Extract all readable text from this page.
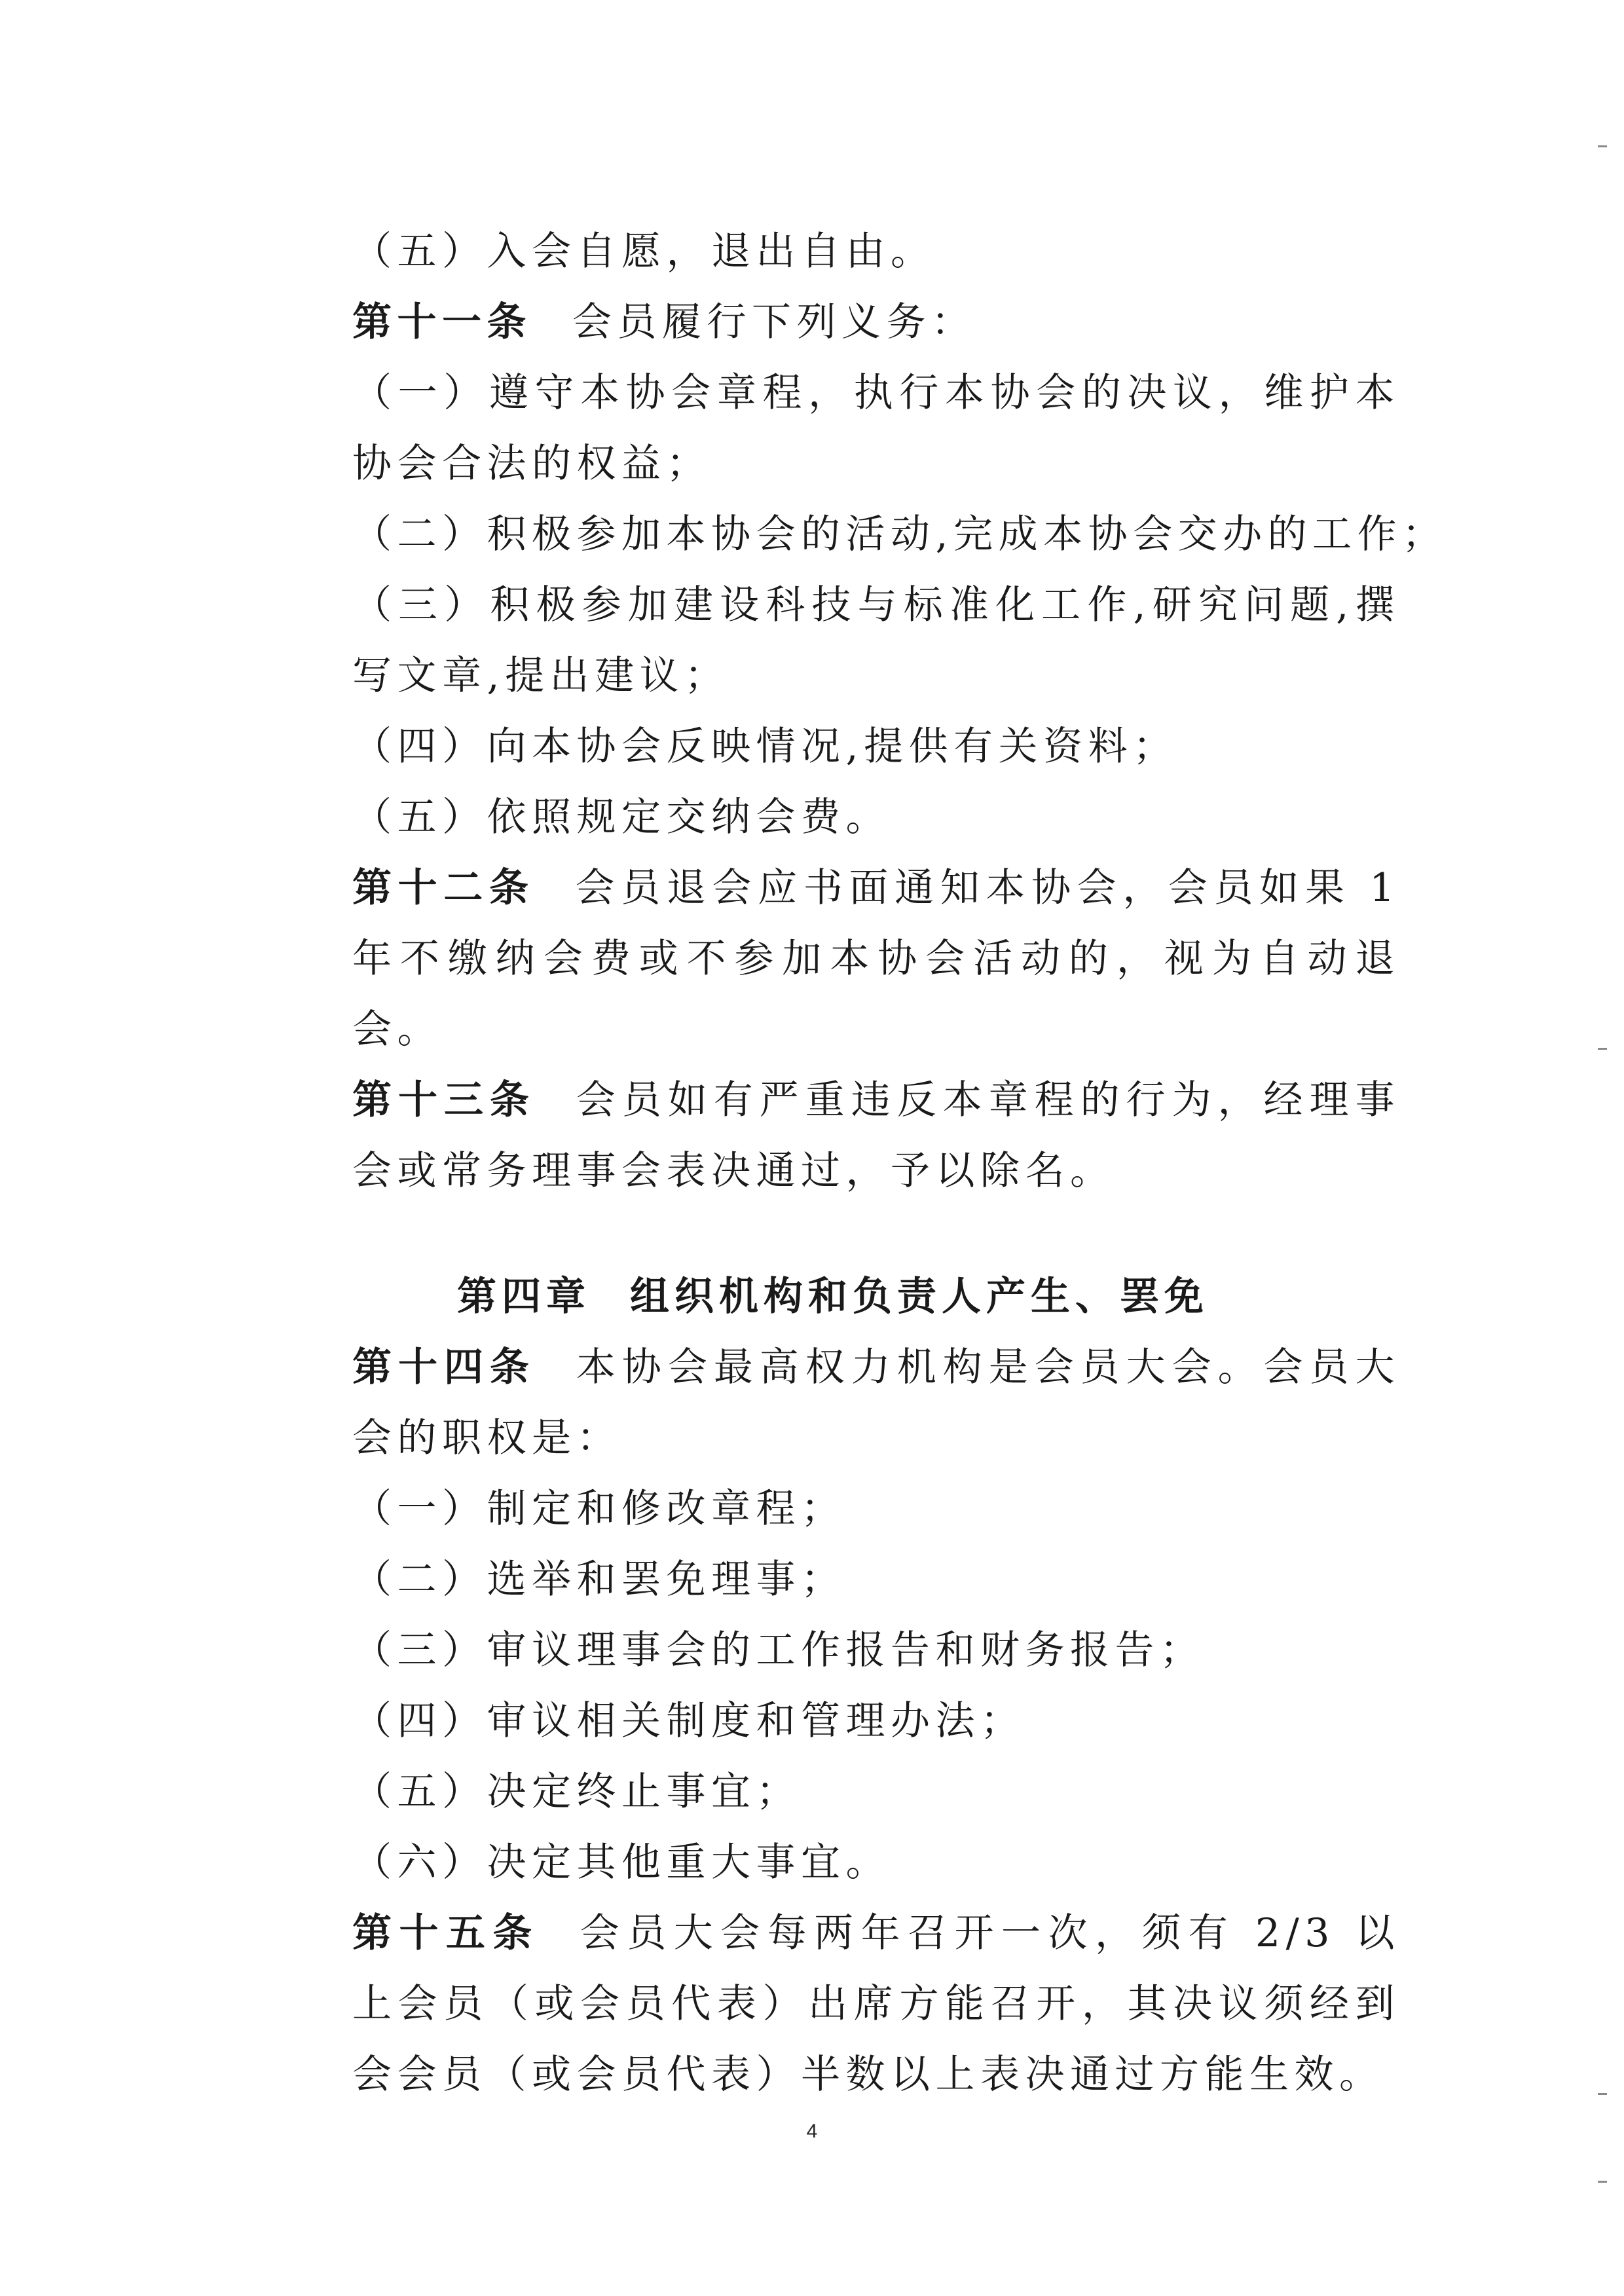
（五）入会自愿，退出自由。

第十一条 会员履行下列义务：

（一）遵守本协会章程，执行本协会的决议，维护本协会合法的权益；

（二）积极参加本协会的活动,完成本协会交办的工作；

（三）积极参加建设科技与标准化工作,研究问题,撰写文章,提出建议；

（四）向本协会反映情况,提供有关资料；

（五）依照规定交纳会费。

第十二条 会员退会应书面通知本协会，会员如果 1 年不缴纳会费或不参加本协会活动的，视为自动退会。

第十三条 会员如有严重违反本章程的行为，经理事会或常务理事会表决通过，予以除名。

第四章 组织机构和负责人产生、罢免

第十四条 本协会最高权力机构是会员大会。会员大会的职权是：

（一）制定和修改章程；

（二）选举和罢免理事；

（三）审议理事会的工作报告和财务报告；

（四）审议相关制度和管理办法；

（五）决定终止事宜；

（六）决定其他重大事宜。

第十五条 会员大会每两年召开一次，须有 2/3 以上会员（或会员代表）出席方能召开，其决议须经到会会员（或会员代表）半数以上表决通过方能生效。

4
